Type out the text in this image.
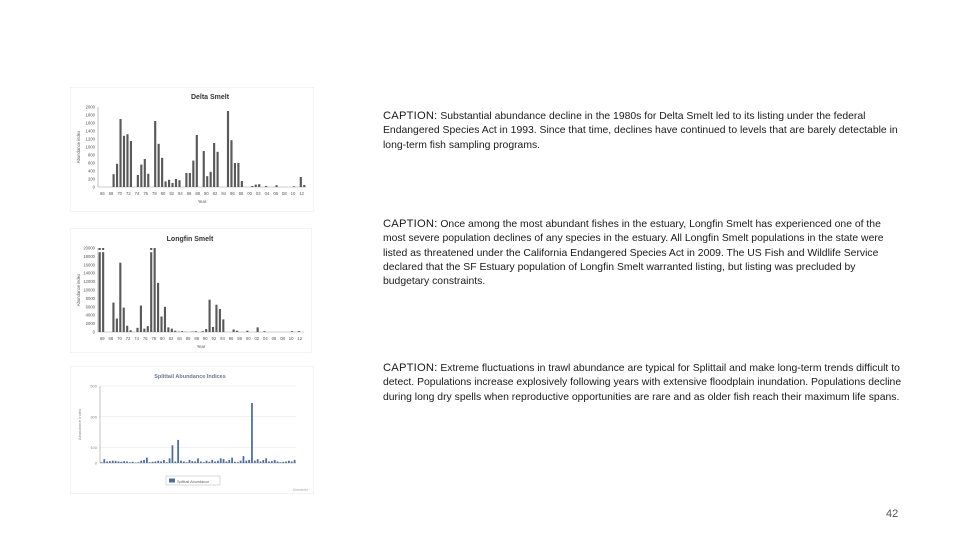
Delta Smelt
0
200
400
600
800
1000
1200
1400
1600
1800
2000
Abundance index
66 68 70 72 74 76 78 80 82 84 86 88 90 92 94 96 98 00 02 04 06 08 10 12
Year
Longfin Smelt
0
2000
4000
6000
8000
10000
12000
14000
16000
18000
20000
Abundance index
69 68 70 72 74 76 78 80 82 84 86 88 90 92 94 96 98 00 02 04 06 08 10 12
Year
Splittail Abundance Indices
0
100
300
500
Abundance Index
Splittail Abundance
Kimmerer
CAPTION: Substantial abundance decline in the 1980s for Delta Smelt led to its listing under the federal Endangered Species Act in 1993. Since that time, declines have continued to levels that are barely detectable in long-term fish sampling programs.
CAPTION: Once among the most abundant fishes in the estuary, Longfin Smelt has experienced one of the most severe population declines of any species in the estuary. All Longfin Smelt populations in the state were listed as threatened under the California Endangered Species Act in 2009. The US Fish and Wildlife Service declared that the SF Estuary population of Longfin Smelt warranted listing, but listing was precluded by budgetary constraints.
CAPTION: Extreme fluctuations in trawl abundance are typical for Splittail and make long-term trends difficult to detect. Populations increase explosively following years with extensive floodplain inundation. Populations decline during long dry spells when reproductive opportunities are rare and as older fish reach their maximum life spans.
42
